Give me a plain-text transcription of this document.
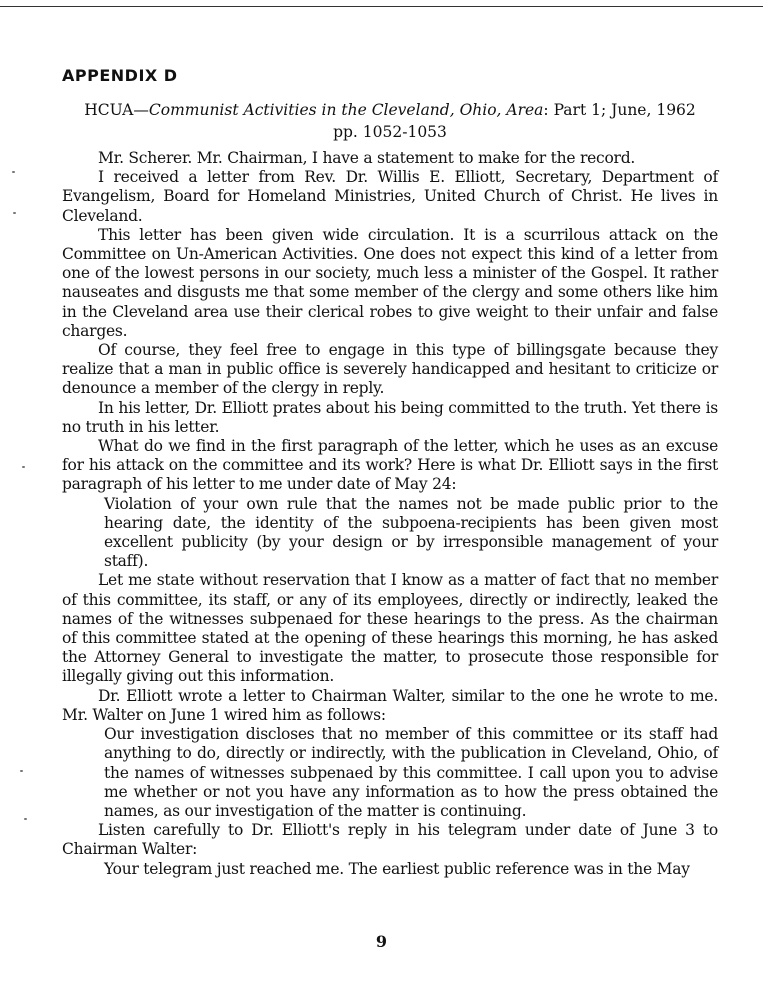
APPENDIX D

HCUA—Communist Activities in the Cleveland, Ohio, Area: Part 1; June, 1962

pp. 1052-1053

Mr. Scherer. Mr. Chairman, I have a statement to make for the record.

I received a letter from Rev. Dr. Willis E. Elliott, Secretary, Department of Evangelism, Board for Homeland Ministries, United Church of Christ. He lives in Cleveland.

This letter has been given wide circulation. It is a scurrilous attack on the Committee on Un-American Activities. One does not expect this kind of a letter from one of the lowest persons in our society, much less a minister of the Gospel. It rather nauseates and disgusts me that some member of the clergy and some others like him in the Cleveland area use their clerical robes to give weight to their unfair and false charges.

Of course, they feel free to engage in this type of billingsgate because they realize that a man in public office is severely handicapped and hesitant to criticize or denounce a member of the clergy in reply.

In his letter, Dr. Elliott prates about his being committed to the truth. Yet there is no truth in his letter.

What do we find in the first paragraph of the letter, which he uses as an excuse for his attack on the committee and its work? Here is what Dr. Elliott says in the first paragraph of his letter to me under date of May 24:

Violation of your own rule that the names not be made public prior to the hearing date, the identity of the subpoena-recipients has been given most excellent publicity (by your design or by irresponsible management of your staff).

Let me state without reservation that I know as a matter of fact that no member of this committee, its staff, or any of its employees, directly or indirectly, leaked the names of the witnesses subpenaed for these hearings to the press. As the chairman of this committee stated at the opening of these hearings this morning, he has asked the Attorney General to investigate the matter, to prosecute those responsible for illegally giving out this information.

Dr. Elliott wrote a letter to Chairman Walter, similar to the one he wrote to me. Mr. Walter on June 1 wired him as follows:

Our investigation discloses that no member of this committee or its staff had anything to do, directly or indirectly, with the publication in Cleveland, Ohio, of the names of witnesses subpenaed by this committee. I call upon you to advise me whether or not you have any information as to how the press obtained the names, as our investigation of the matter is continuing.

Listen carefully to Dr. Elliott's reply in his telegram under date of June 3 to Chairman Walter:

Your telegram just reached me. The earliest public reference was in the May

9
